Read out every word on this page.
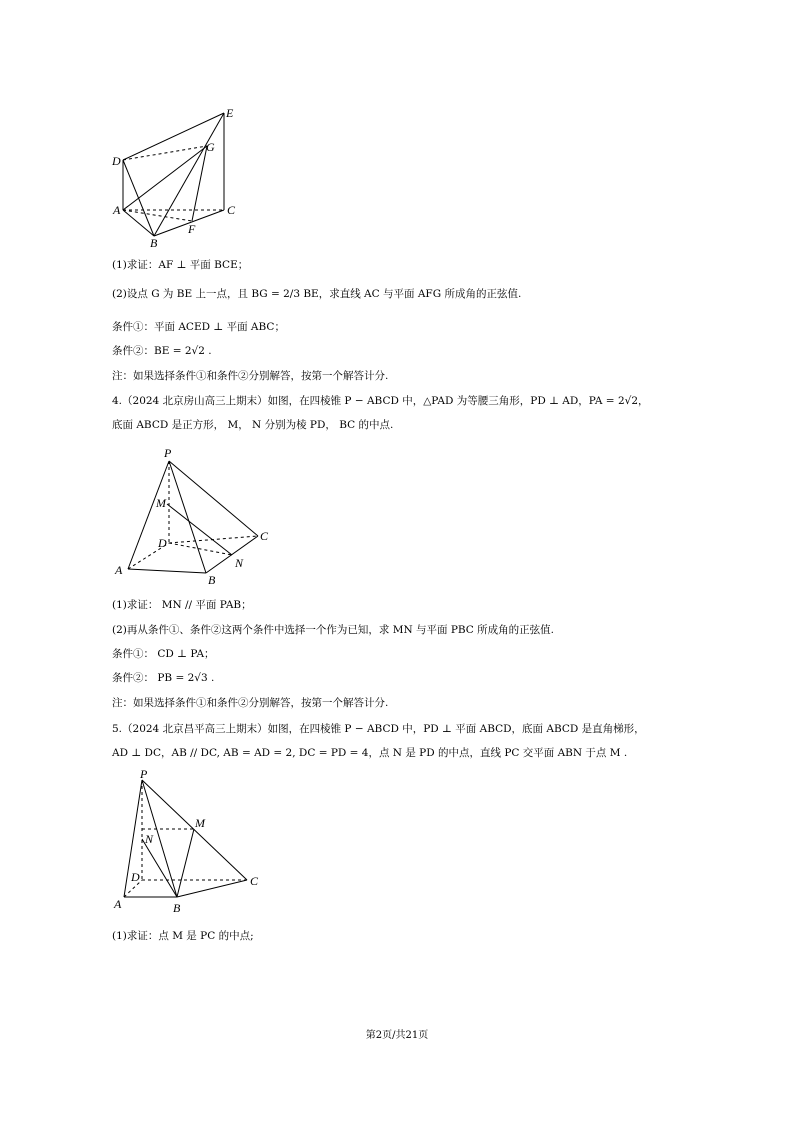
E
D
G
A	C
B
F
(1)求证：AF ⊥ 平面 BCE；
(2)设点 G 为 BE 上一点，且 BG = 2/3 BE，求直线 AC 与平面 AFG 所成角的正弦值.
条件①：平面 ACED ⊥ 平面 ABC；
条件②：BE = 2√2 .
注：如果选择条件①和条件②分别解答，按第一个解答计分.
4.（2024 北京房山高三上期末）如图，在四棱锥 P − ABCD 中，△PAD 为等腰三角形，PD ⊥ AD，PA = 2√2，
底面 ABCD 是正方形， M， N 分别为棱 PD， BC 的中点.
P
M
C
D
A	N
B
(1)求证： MN // 平面 PAB；
(2)再从条件①、条件②这两个条件中选择一个作为已知，求 MN 与平面 PBC 所成角的正弦值.
条件①： CD ⊥ PA；
条件②： PB = 2√3 .
注：如果选择条件①和条件②分别解答，按第一个解答计分.
5.（2024 北京昌平高三上期末）如图，在四棱锥 P − ABCD 中，PD ⊥ 平面 ABCD，底面 ABCD 是直角梯形，
AD ⊥ DC，AB // DC, AB = AD = 2, DC = PD = 4，点 N 是 PD 的中点，直线 PC 交平面 ABN 于点 M .
P
M
N
D	C
A	B
(1)求证：点 M 是 PC 的中点;
第2页/共21页
